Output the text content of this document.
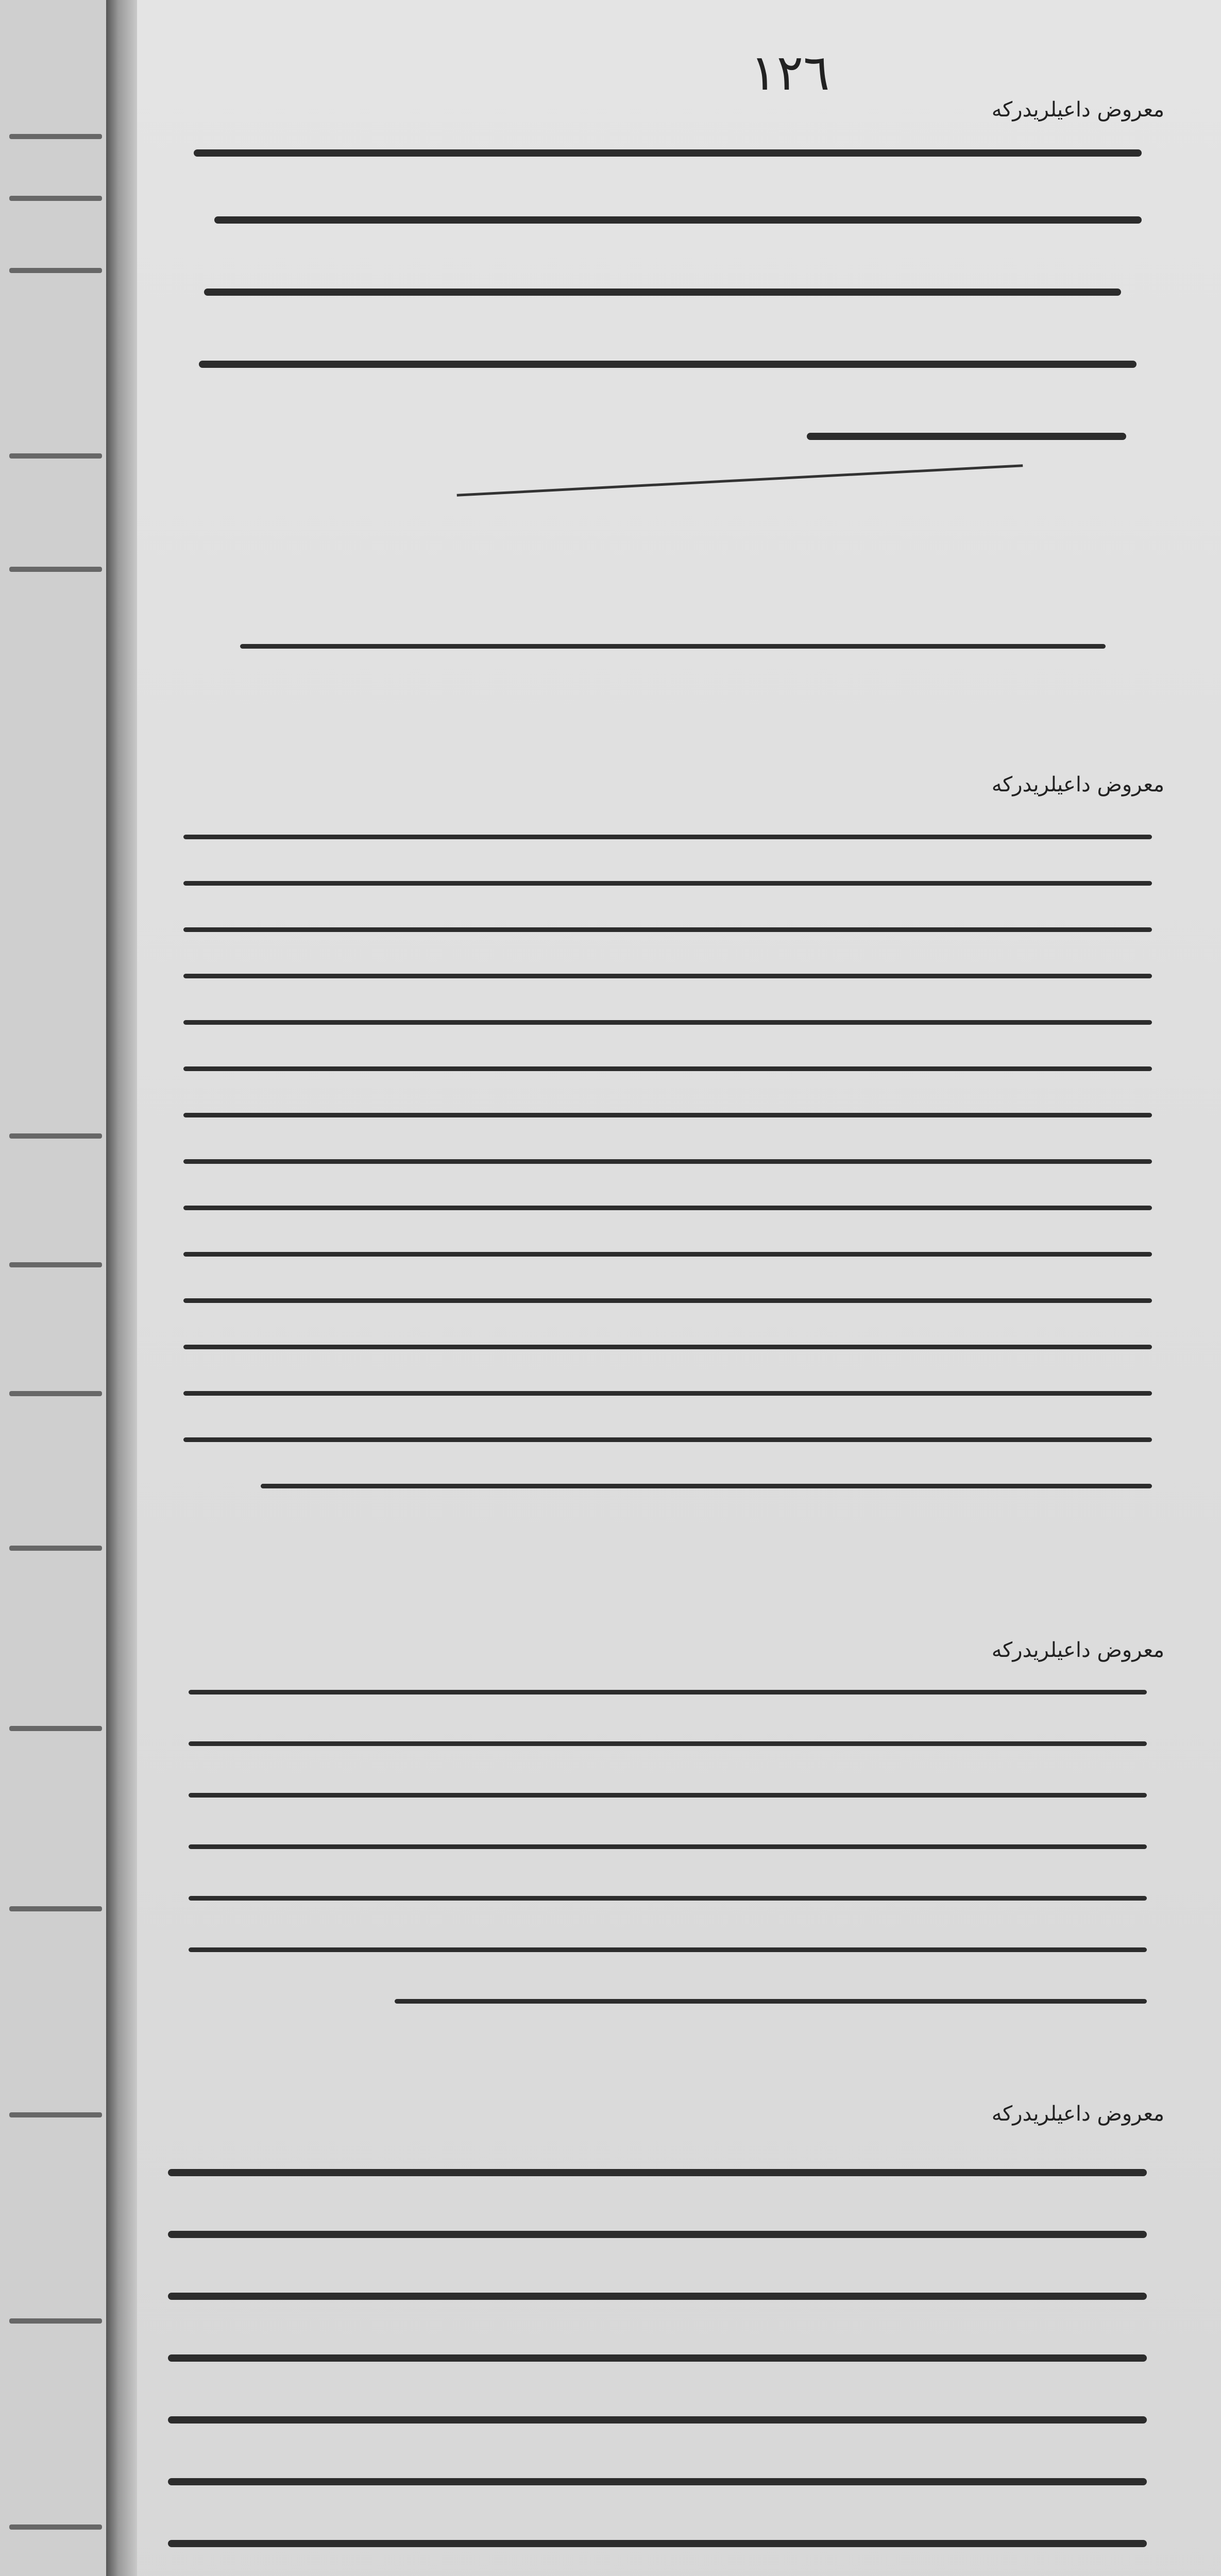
١٢٦
معروض داعیلریدرکه
معروض داعیلریدرکه
معروض داعیلریدرکه
معروض داعیلریدرکه
